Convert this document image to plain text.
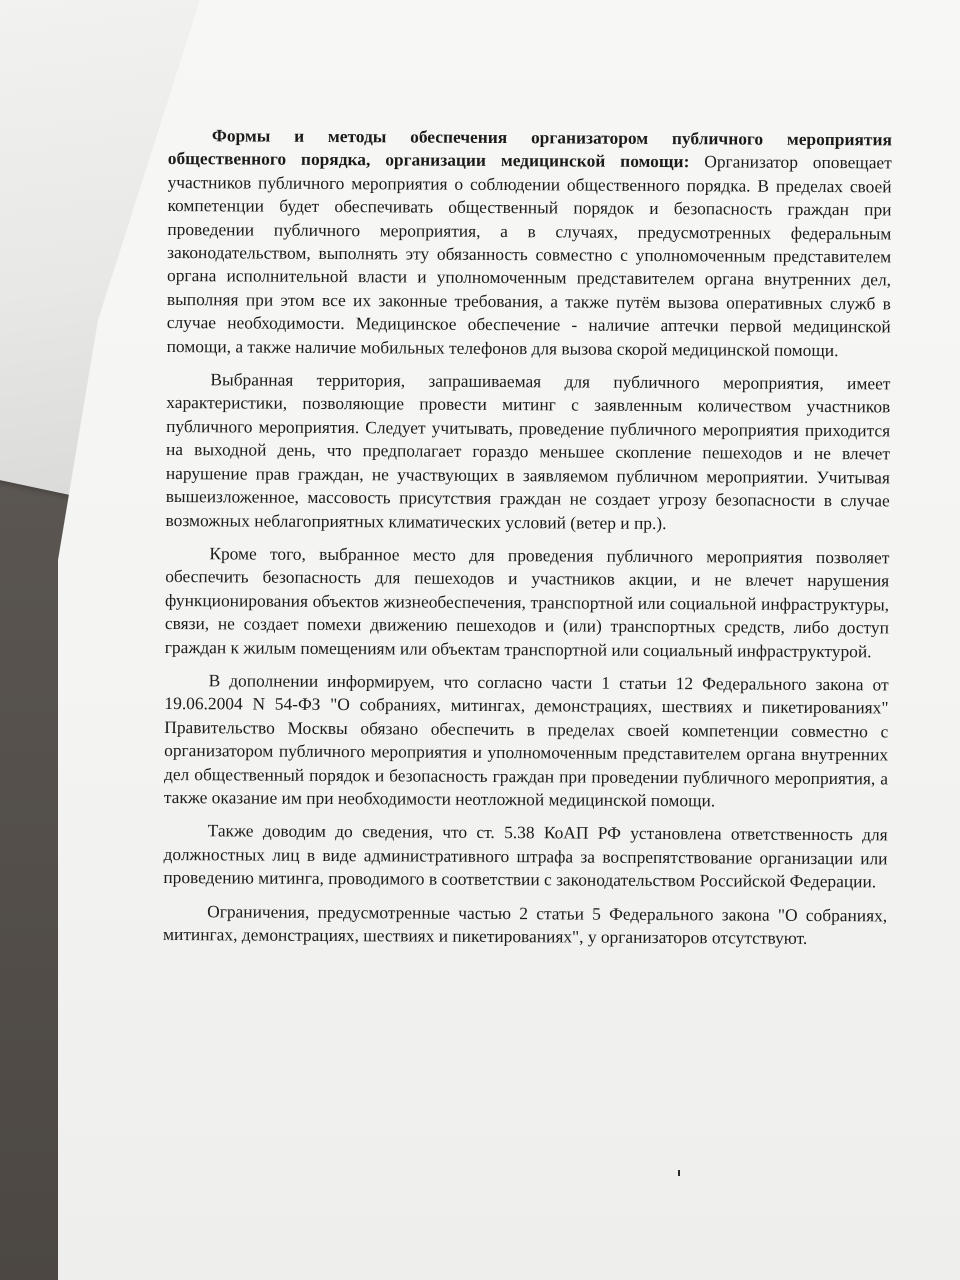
Формы и методы обеспечения организатором публичного мероприятия общественного порядка, организации медицинской помощи: Организатор оповещает участников публичного мероприятия о соблюдении общественного порядка. В пределах своей компетенции будет обеспечивать общественный порядок и безопасность граждан при проведении публичного мероприятия, а в случаях, предусмотренных федеральным законодательством, выполнять эту обязанность совместно с уполномоченным представителем органа исполнительной власти и уполномоченным представителем органа внутренних дел, выполняя при этом все их законные требования, а также путём вызова оперативных служб в случае необходимости. Медицинское обеспечение - наличие аптечки первой медицинской помощи, а также наличие мобильных телефонов для вызова скорой медицинской помощи.

Выбранная территория, запрашиваемая для публичного мероприятия, имеет характеристики, позволяющие провести митинг с заявленным количеством участников публичного мероприятия. Следует учитывать, проведение публичного мероприятия приходится на выходной день, что предполагает гораздо меньшее скопление пешеходов и не влечет нарушение прав граждан, не участвующих в заявляемом публичном мероприятии. Учитывая вышеизложенное, массовость присутствия граждан не создает угрозу безопасности в случае возможных неблагоприятных климатических условий (ветер и пр.).

Кроме того, выбранное место для проведения публичного мероприятия позволяет обеспечить безопасность для пешеходов и участников акции, и не влечет нарушения функционирования объектов жизнеобеспечения, транспортной или социальной инфраструктуры, связи, не создает помехи движению пешеходов и (или) транспортных средств, либо доступ граждан к жилым помещениям или объектам транспортной или социальный инфраструктурой.

В дополнении информируем, что согласно части 1 статьи 12 Федерального закона от 19.06.2004 N 54-ФЗ "О собраниях, митингах, демонстрациях, шествиях и пикетированиях" Правительство Москвы обязано обеспечить в пределах своей компетенции совместно с организатором публичного мероприятия и уполномоченным представителем органа внутренних дел общественный порядок и безопасность граждан при проведении публичного мероприятия, а также оказание им при необходимости неотложной медицинской помощи.

Также доводим до сведения, что ст. 5.38 КоАП РФ установлена ответственность для должностных лиц в виде административного штрафа за воспрепятствование организации или проведению митинга, проводимого в соответствии с законодательством Российской Федерации.

Ограничения, предусмотренные частью 2 статьи 5 Федерального закона "О собраниях, митингах, демонстрациях, шествиях и пикетированиях", у организаторов отсутствуют.
